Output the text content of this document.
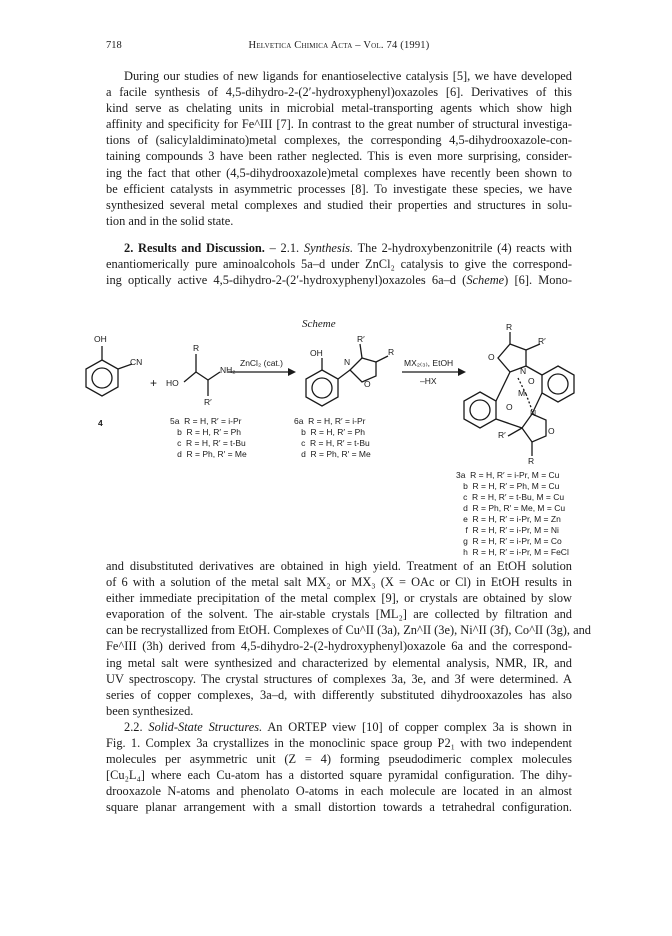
718	Helvetica Chimica Acta – Vol. 74 (1991)
During our studies of new ligands for enantioselective catalysis [5], we have developed
a facile synthesis of 4,5-dihydro-2-(2′-hydroxyphenyl)oxazoles [6]. Derivatives of this
kind serve as chelating units in microbial metal-transporting agents which show high
affinity and specificity for Fe^III [7]. In contrast to the great number of structural investiga-
tions of (salicylaldiminato)metal complexes, the corresponding 4,5-dihydrooxazole-con-
taining compounds 3 have been rather neglected. This is even more surprising, consider-
ing the fact that other (4,5-dihydrooxazole)metal complexes have recently been shown to
be efficient catalysts in asymmetric processes [8]. To investigate these species, we have
synthesized several metal complexes and studied their properties and structures in solu-
tion and in the solid state.
2. Results and Discussion. – 2.1. Synthesis. The 2-hydroxybenzonitrile (4) reacts with
enantiomerically pure aminoalcohols 5a–d under ZnCl₂ catalysis to give the correspond-
ing optically active 4,5-dihydro-2-(2′-hydroxyphenyl)oxazoles 6a–d (Scheme) [6]. Mono-
Scheme
OH
CN
+ HO
R
NH₂
R′
ZnCl₂ (cat.)
OH
N
O
R
R′
MX₂₍₃₎, EtOH
–HX
R
R′
O
N
O
M
O
N
O
R′
R
4	5a  R = H, R′ = i-Pr
b  R = H, R′ = Ph
c  R = H, R′ = t-Bu
d  R = Ph, R′ = Me
6a  R = H, R′ = i-Pr
b  R = H, R′ = Ph
c  R = H, R′ = t-Bu
d  R = Ph, R′ = Me
3a  R = H, R′ = i-Pr, M = Cu
b  R = H, R′ = Ph, M = Cu
c  R = H, R′ = t-Bu, M = Cu
d  R = Ph, R′ = Me, M = Cu
e  R = H, R′ = i-Pr, M = Zn
f  R = H, R′ = i-Pr, M = Ni
g  R = H, R′ = i-Pr, M = Co
h  R = H, R′ = i-Pr, M = FeCl
and disubstituted derivatives are obtained in high yield. Treatment of an EtOH solution
of 6 with a solution of the metal salt MX₂ or MX₃ (X = OAc or Cl) in EtOH results in
either immediate precipitation of the metal complex [9], or crystals are obtained by slow
evaporation of the solvent. The air-stable crystals [ML₂] are collected by filtration and
can be recrystallized from EtOH. Complexes of Cu^II (3a), Zn^II (3e), Ni^II (3f), Co^II (3g), and
Fe^III (3h) derived from 4,5-dihydro-2-(2-hydroxyphenyl)oxazole 6a and the correspond-
ing metal salt were synthesized and characterized by elemental analysis, NMR, IR, and
UV spectroscopy. The crystal structures of complexes 3a, 3e, and 3f were determined. A
series of copper complexes, 3a–d, with differently substituted dihydrooxazoles has also
been synthesized.
2.2. Solid-State Structures. An ORTEP view [10] of copper complex 3a is shown in
Fig. 1. Complex 3a crystallizes in the monoclinic space group P2₁ with two independent
molecules per asymmetric unit (Z = 4) forming pseudodimeric complex molecules
[Cu₂L₄] where each Cu-atom has a distorted square pyramidal configuration. The dihy-
drooxazole N-atoms and phenolato O-atoms in each molecule are located in an almost
square planar arrangement with a small distortion towards a tetrahedral configuration.
